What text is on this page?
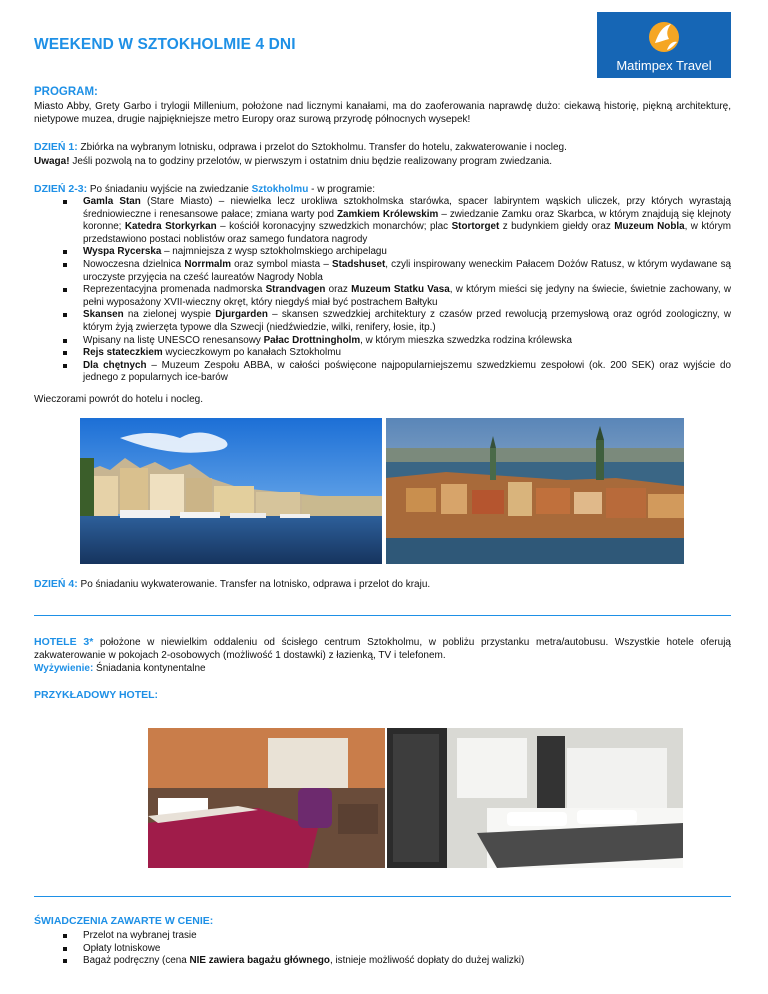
WEEKEND W SZTOKHOLMIE 4 DNI
Matimpex Travel
PROGRAM:
Miasto Abby, Grety Garbo i trylogii Millenium, położone nad licznymi kanałami, ma do zaoferowania naprawdę dużo: ciekawą historię, piękną architekturę, nietypowe muzea, drugie najpiękniejsze metro Europy oraz surową przyrodę północnych wysepek!
DZIEŃ 1: Zbiórka na wybranym lotnisku, odprawa i przelot do Sztokholmu. Transfer do hotelu, zakwaterowanie i nocleg.
Uwaga! Jeśli pozwolą na to godziny przelotów, w pierwszym i ostatnim dniu będzie realizowany program zwiedzania.
DZIEŃ 2-3: Po śniadaniu wyjście na zwiedzanie Sztokholmu - w programie:
Gamla Stan (Stare Miasto) – niewielka lecz urokliwa sztokholmska starówka, spacer labiryntem wąskich uliczek, przy których wyrastają średniowieczne i renesansowe pałace; zmiana warty pod Zamkiem Królewskim – zwiedzanie Zamku oraz Skarbca, w którym znajdują się klejnoty koronne; Katedra Storkyrkan – kościół koronacyjny szwedzkich monarchów; plac Stortorget z budynkiem giełdy oraz Muzeum Nobla, w którym przedstawiono postaci noblistów oraz samego fundatora nagrody
Wyspa Rycerska – najmniejsza z wysp sztokholmskiego archipelagu
Nowoczesna dzielnica Norrmalm oraz symbol miasta – Stadshuset, czyli inspirowany weneckim Pałacem Dożów Ratusz, w którym wydawane są uroczyste przyjęcia na cześć laureatów Nagrody Nobla
Reprezentacyjna promenada nadmorska Strandvagen oraz Muzeum Statku Vasa, w którym mieści się jedyny na świecie, świetnie zachowany, w pełni wyposażony XVII-wieczny okręt, który niegdyś miał być postrachem Bałtyku
Skansen na zielonej wyspie Djurgarden – skansen szwedzkiej architektury z czasów przed rewolucją przemysłową oraz ogród zoologiczny, w którym żyją zwierzęta typowe dla Szwecji (niedźwiedzie, wilki, renifery, łosie, itp.)
Wpisany na listę UNESCO renesansowy Pałac Drottningholm, w którym mieszka szwedzka rodzina królewska
Rejs stateczkiem wycieczkowym po kanałach Sztokholmu
Dla chętnych – Muzeum Zespołu ABBA, w całości poświęcone najpopularniejszemu szwedzkiemu zespołowi (ok. 200 SEK) oraz wyjście do jednego z popularnych ice-barów
Wieczorami powrót do hotelu i nocleg.
DZIEŃ 4: Po śniadaniu wykwaterowanie. Transfer na lotnisko, odprawa i przelot do kraju.
HOTELE 3* położone w niewielkim oddaleniu od ścisłego centrum Sztokholmu, w pobliżu przystanku metra/autobusu. Wszystkie hotele oferują zakwaterowanie w pokojach 2-osobowych (możliwość 1 dostawki) z łazienką, TV i telefonem.
Wyżywienie: Śniadania kontynentalne
PRZYKŁADOWY HOTEL:
ŚWIADCZENIA ZAWARTE W CENIE:
Przelot na wybranej trasie
Opłaty lotniskowe
Bagaż podręczny (cena NIE zawiera bagażu głównego, istnieje możliwość dopłaty do dużej walizki)
